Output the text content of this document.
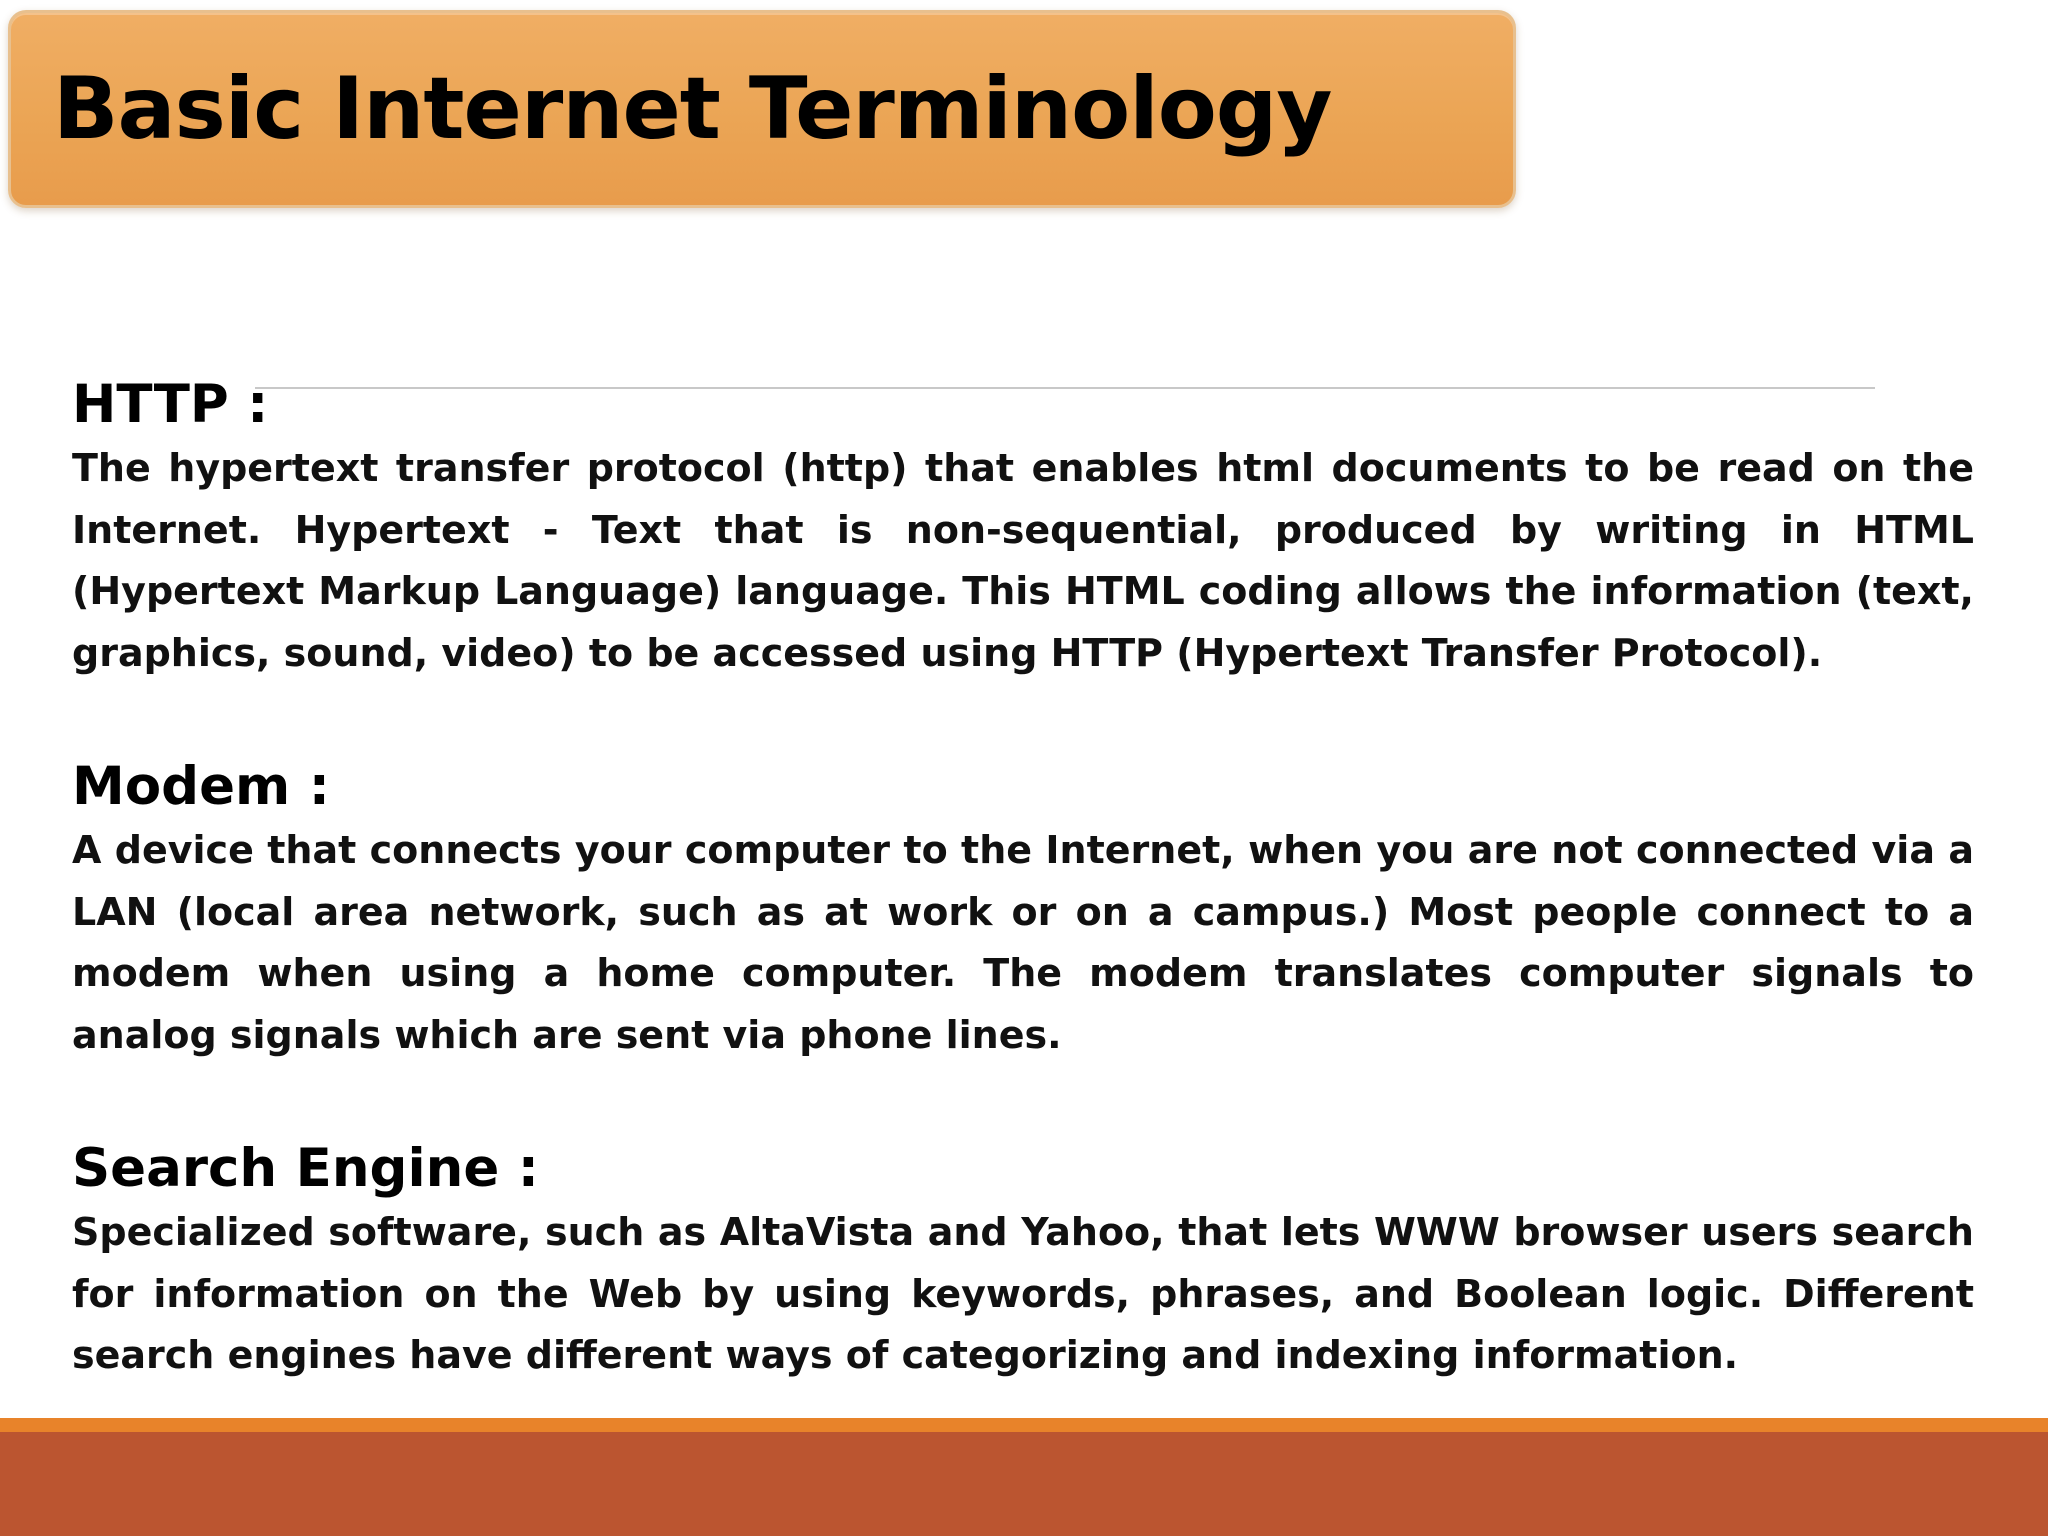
Basic Internet Terminology
HTTP :

The hypertext transfer protocol (http) that enables html documents to be read on the Internet. Hypertext - Text that is non-sequential, produced by writing in HTML (Hypertext Markup Language) language. This HTML coding allows the information (text, graphics, sound, video) to be accessed using HTTP (Hypertext Transfer Protocol).

Modem :

A device that connects your computer to the Internet, when you are not connected via a LAN (local area network, such as at work or on a campus.) Most people connect to a modem when using a home computer. The modem translates computer signals to analog signals which are sent via phone lines.

Search Engine :

Specialized software, such as AltaVista and Yahoo, that lets WWW browser users search for information on the Web by using keywords, phrases, and Boolean logic. Different search engines have different ways of categorizing and indexing information.
